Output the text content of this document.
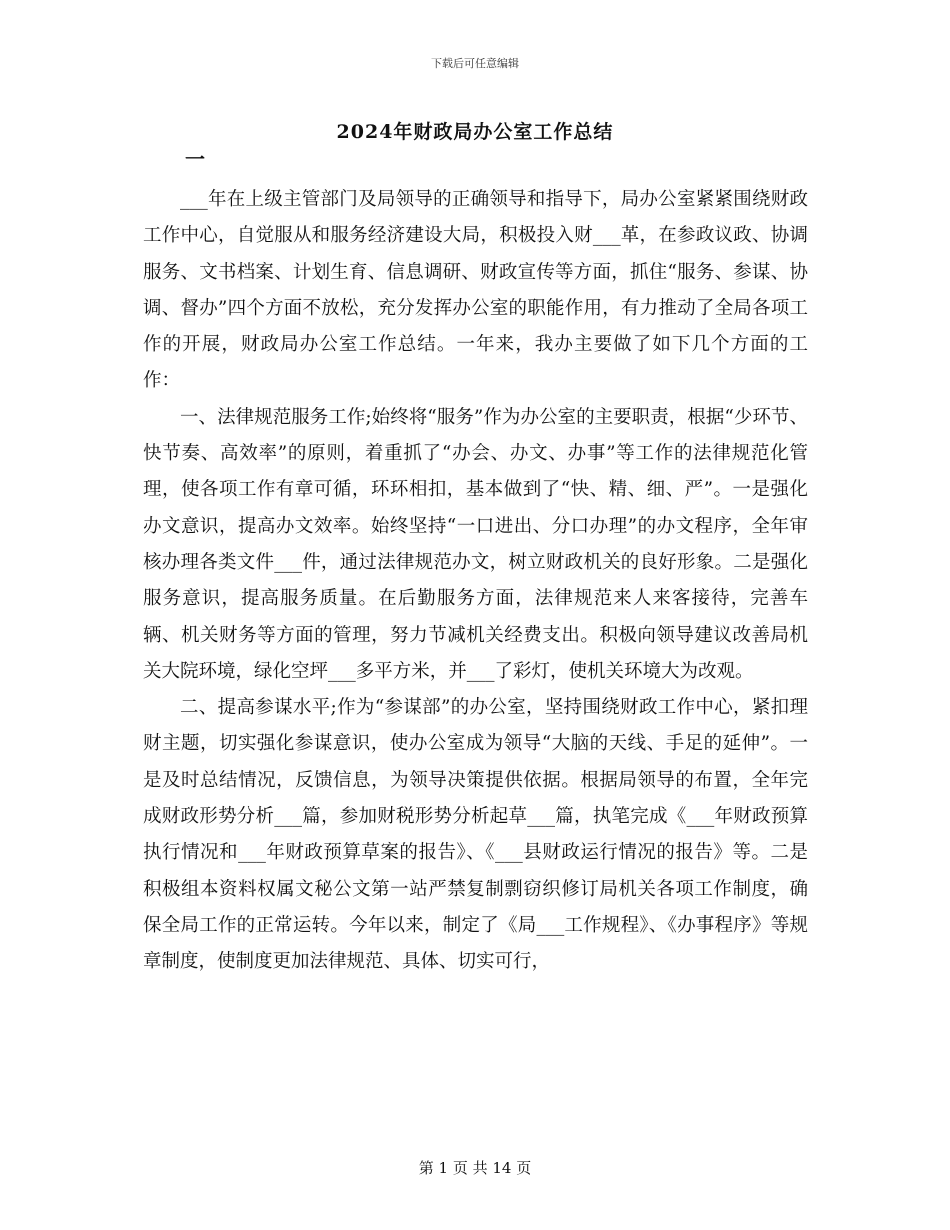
下载后可任意编辑
2024年财政局办公室工作总结
一

___年在上级主管部门及局领导的正确领导和指导下，局办公室紧紧围绕财政工作中心，自觉服从和服务经济建设大局，积极投入财___革，在参政议政、协调服务、文书档案、计划生育、信息调研、财政宣传等方面，抓住“服务、参谋、协调、督办”四个方面不放松，充分发挥办公室的职能作用，有力推动了全局各项工作的开展，财政局办公室工作总结。一年来，我办主要做了如下几个方面的工作：

一、法律规范服务工作;始终将“服务”作为办公室的主要职责，根据“少环节、快节奏、高效率”的原则，着重抓了“办会、办文、办事”等工作的法律规范化管理，使各项工作有章可循，环环相扣，基本做到了“快、精、细、严”。一是强化办文意识，提高办文效率。始终坚持“一口进出、分口办理”的办文程序，全年审核办理各类文件___件，通过法律规范办文，树立财政机关的良好形象。二是强化服务意识，提高服务质量。在后勤服务方面，法律规范来人来客接待，完善车辆、机关财务等方面的管理，努力节减机关经费支出。积极向领导建议改善局机关大院环境，绿化空坪___多平方米，并___了彩灯，使机关环境大为改观。

二、提高参谋水平;作为“参谋部”的办公室，坚持围绕财政工作中心，紧扣理财主题，切实强化参谋意识，使办公室成为领导“大脑的天线、手足的延伸”。一是及时总结情况，反馈信息，为领导决策提供依据。根据局领导的布置，全年完成财政形势分析___篇，参加财税形势分析起草___篇，执笔完成《___年财政预算执行情况和___年财政预算草案的报告》、《___县财政运行情况的报告》等。二是积极组本资料权属文秘公文第一站严禁复制剽窃织修订局机关各项工作制度，确保全局工作的正常运转。今年以来，制定了《局___工作规程》、《办事程序》等规章制度，使制度更加法律规范、具体、切实可行，

第 1 页 共 14 页
